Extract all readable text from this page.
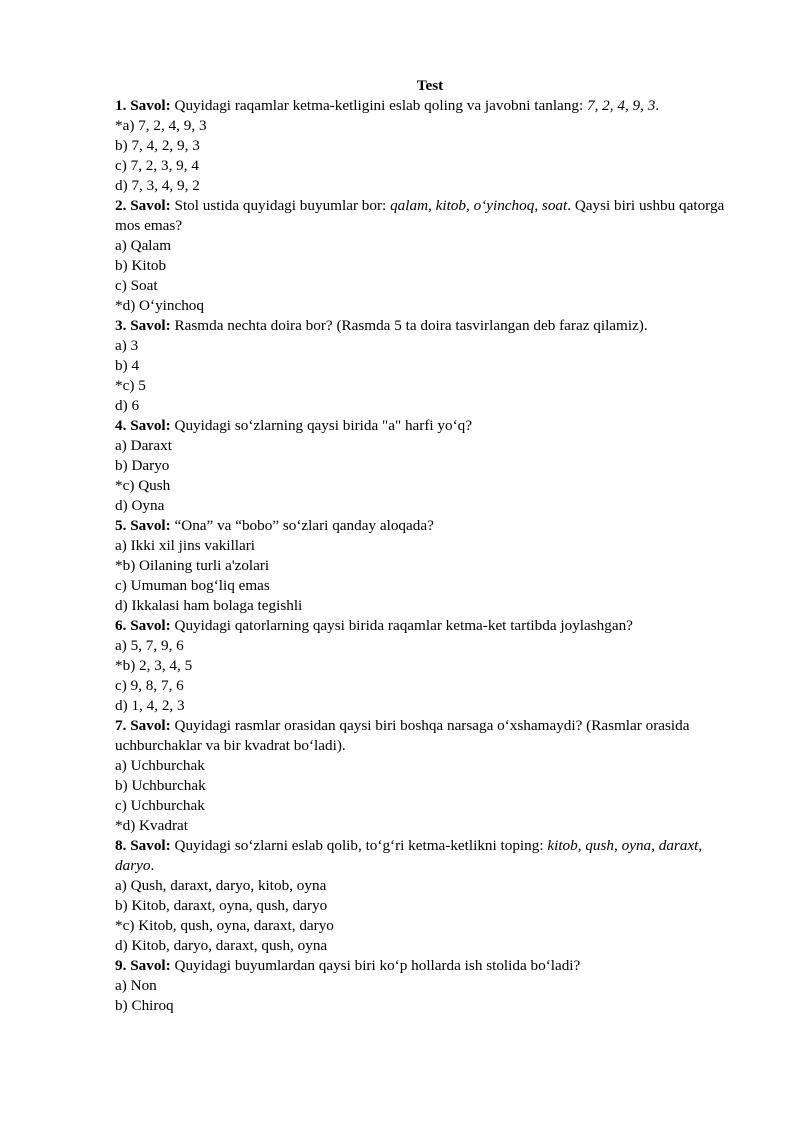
Test
1. Savol: Quyidagi raqamlar ketma-ketligini eslab qoling va javobni tanlang: 7, 2, 4, 9, 3.
*a) 7, 2, 4, 9, 3
b) 7, 4, 2, 9, 3
c) 7, 2, 3, 9, 4
d) 7, 3, 4, 9, 2
2. Savol: Stol ustida quyidagi buyumlar bor: qalam, kitob, o‘yinchoq, soat. Qaysi biri ushbu qatorga mos emas?
a) Qalam
b) Kitob
c) Soat
*d) O‘yinchoq
3. Savol: Rasmda nechta doira bor? (Rasmda 5 ta doira tasvirlangan deb faraz qilamiz).
a) 3
b) 4
*c) 5
d) 6
4. Savol: Quyidagi so‘zlarning qaysi birida "a" harfi yo‘q?
a) Daraxt
b) Daryo
*c) Qush
d) Oyna
5. Savol: “Ona” va “bobo” so‘zlari qanday aloqada?
a) Ikki xil jins vakillari
*b) Oilaning turli a'zolari
c) Umuman bog‘liq emas
d) Ikkalasi ham bolaga tegishli
6. Savol: Quyidagi qatorlarning qaysi birida raqamlar ketma-ket tartibda joylashgan?
a) 5, 7, 9, 6
*b) 2, 3, 4, 5
c) 9, 8, 7, 6
d) 1, 4, 2, 3
7. Savol: Quyidagi rasmlar orasidan qaysi biri boshqa narsaga o‘xshamaydi? (Rasmlar orasida uchburchaklar va bir kvadrat bo‘ladi).
a) Uchburchak
b) Uchburchak
c) Uchburchak
*d) Kvadrat
8. Savol: Quyidagi so‘zlarni eslab qolib, to‘g‘ri ketma-ketlikni toping: kitob, qush, oyna, daraxt, daryo.
a) Qush, daraxt, daryo, kitob, oyna
b) Kitob, daraxt, oyna, qush, daryo
*c) Kitob, qush, oyna, daraxt, daryo
d) Kitob, daryo, daraxt, qush, oyna
9. Savol: Quyidagi buyumlardan qaysi biri ko‘p hollarda ish stolida bo‘ladi?
a) Non
b) Chiroq
